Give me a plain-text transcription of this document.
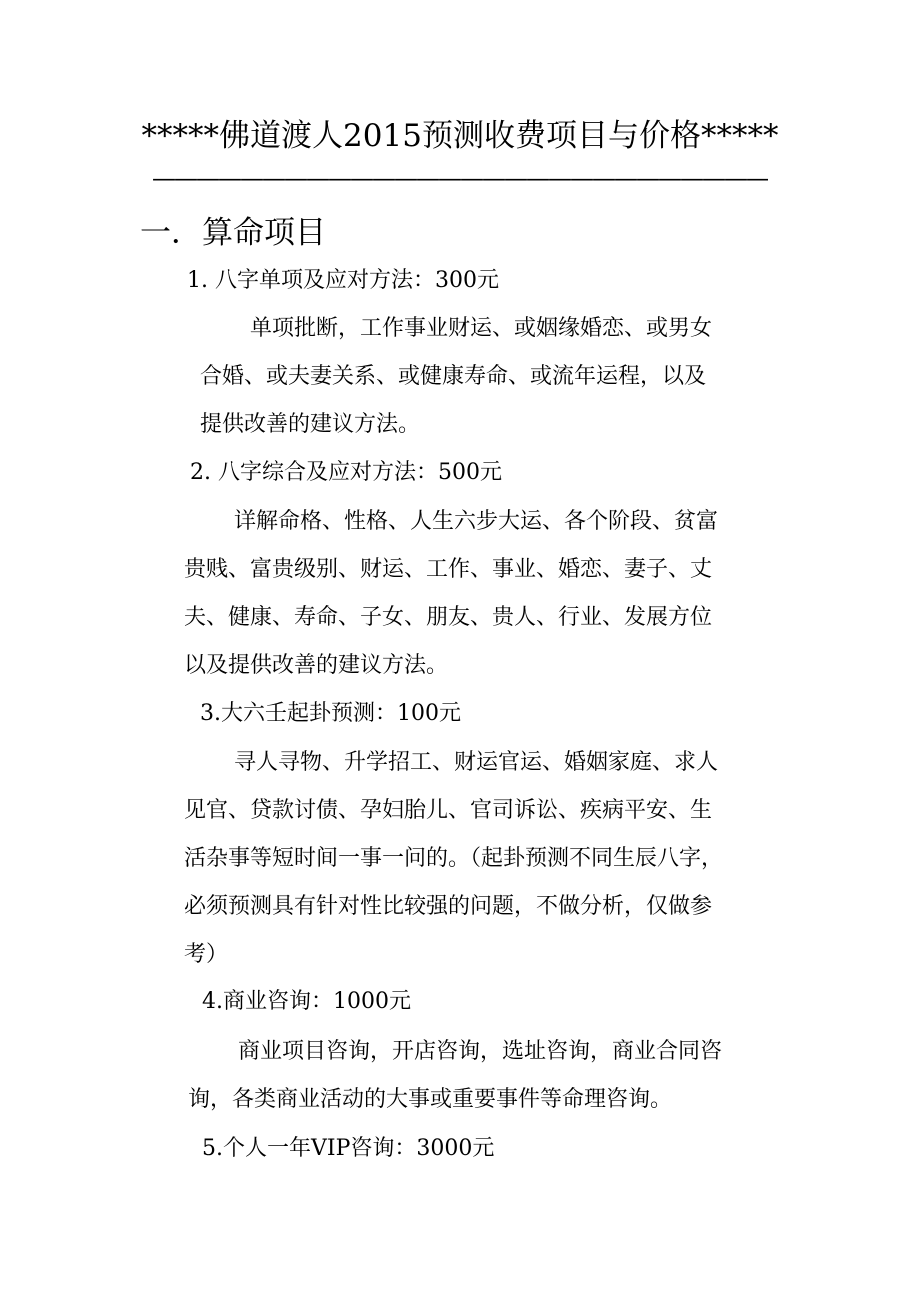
*****佛道渡人2015预测收费项目与价格*****
————————————————————————————
一．算命项目
1. 八字单项及应对方法：300元
单项批断，工作事业财运、或姻缘婚恋、或男女
合婚、或夫妻关系、或健康寿命、或流年运程，以及
提供改善的建议方法。
2. 八字综合及应对方法：500元
详解命格、性格、人生六步大运、各个阶段、贫富
贵贱、富贵级别、财运、工作、事业、婚恋、妻子、丈
夫、健康、寿命、子女、朋友、贵人、行业、发展方位
以及提供改善的建议方法。
3.大六壬起卦预测：100元
寻人寻物、升学招工、财运官运、婚姻家庭、求人
见官、贷款讨债、孕妇胎儿、官司诉讼、疾病平安、生
活杂事等短时间一事一问的。（起卦预测不同生辰八字，
必须预测具有针对性比较强的问题，不做分析，仅做参
考）
4.商业咨询：1000元
商业项目咨询，开店咨询，选址咨询，商业合同咨
询，各类商业活动的大事或重要事件等命理咨询。
5.个人一年VIP咨询：3000元
